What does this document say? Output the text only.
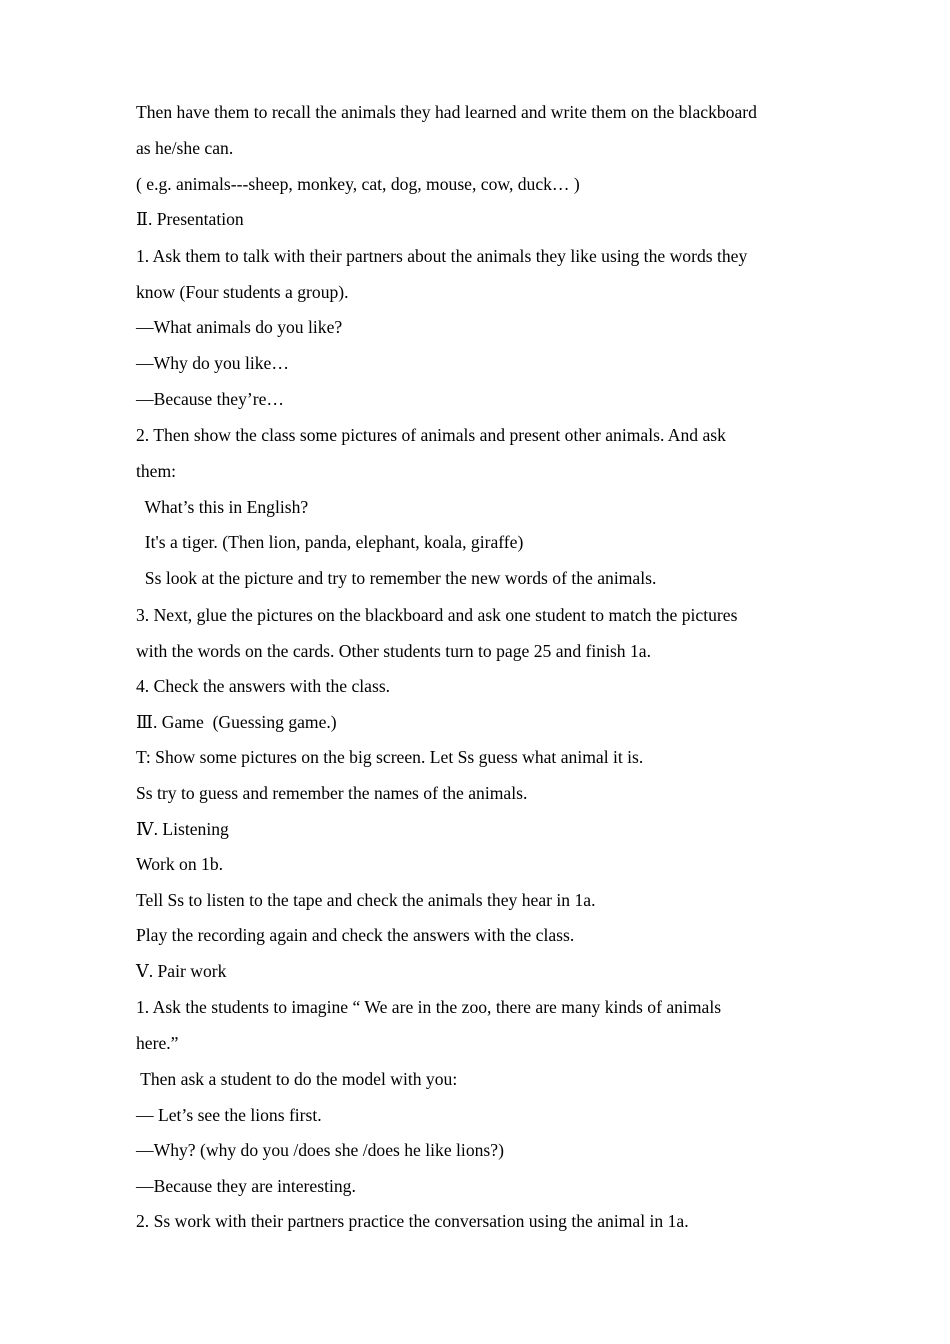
Then have them to recall the animals they had learned and write them on the blackboard
as he/she can.
( e.g. animals---sheep, monkey, cat, dog, mouse, cow, duck… )
Ⅱ. Presentation
1. Ask them to talk with their partners about the animals they like using the words they
know (Four students a group).
—What animals do you like?
—Why do you like…
—Because they’re…
2. Then show the class some pictures of animals and present other animals. And ask
them:
What’s this in English?
It's a tiger. (Then lion, panda, elephant, koala, giraffe)
Ss look at the picture and try to remember the new words of the animals.
3. Next, glue the pictures on the blackboard and ask one student to match the pictures
with the words on the cards. Other students turn to page 25 and finish 1a.
4. Check the answers with the class.
Ⅲ. Game  (Guessing game.)
T: Show some pictures on the big screen. Let Ss guess what animal it is.
Ss try to guess and remember the names of the animals.
Ⅳ. Listening
Work on 1b.
Tell Ss to listen to the tape and check the animals they hear in 1a.
Play the recording again and check the answers with the class.
Ⅴ. Pair work
1. Ask the students to imagine “ We are in the zoo, there are many kinds of animals
here.”
Then ask a student to do the model with you:
— Let’s see the lions first.
—Why? (why do you /does she /does he like lions?)
—Because they are interesting.
2. Ss work with their partners practice the conversation using the animal in 1a.
